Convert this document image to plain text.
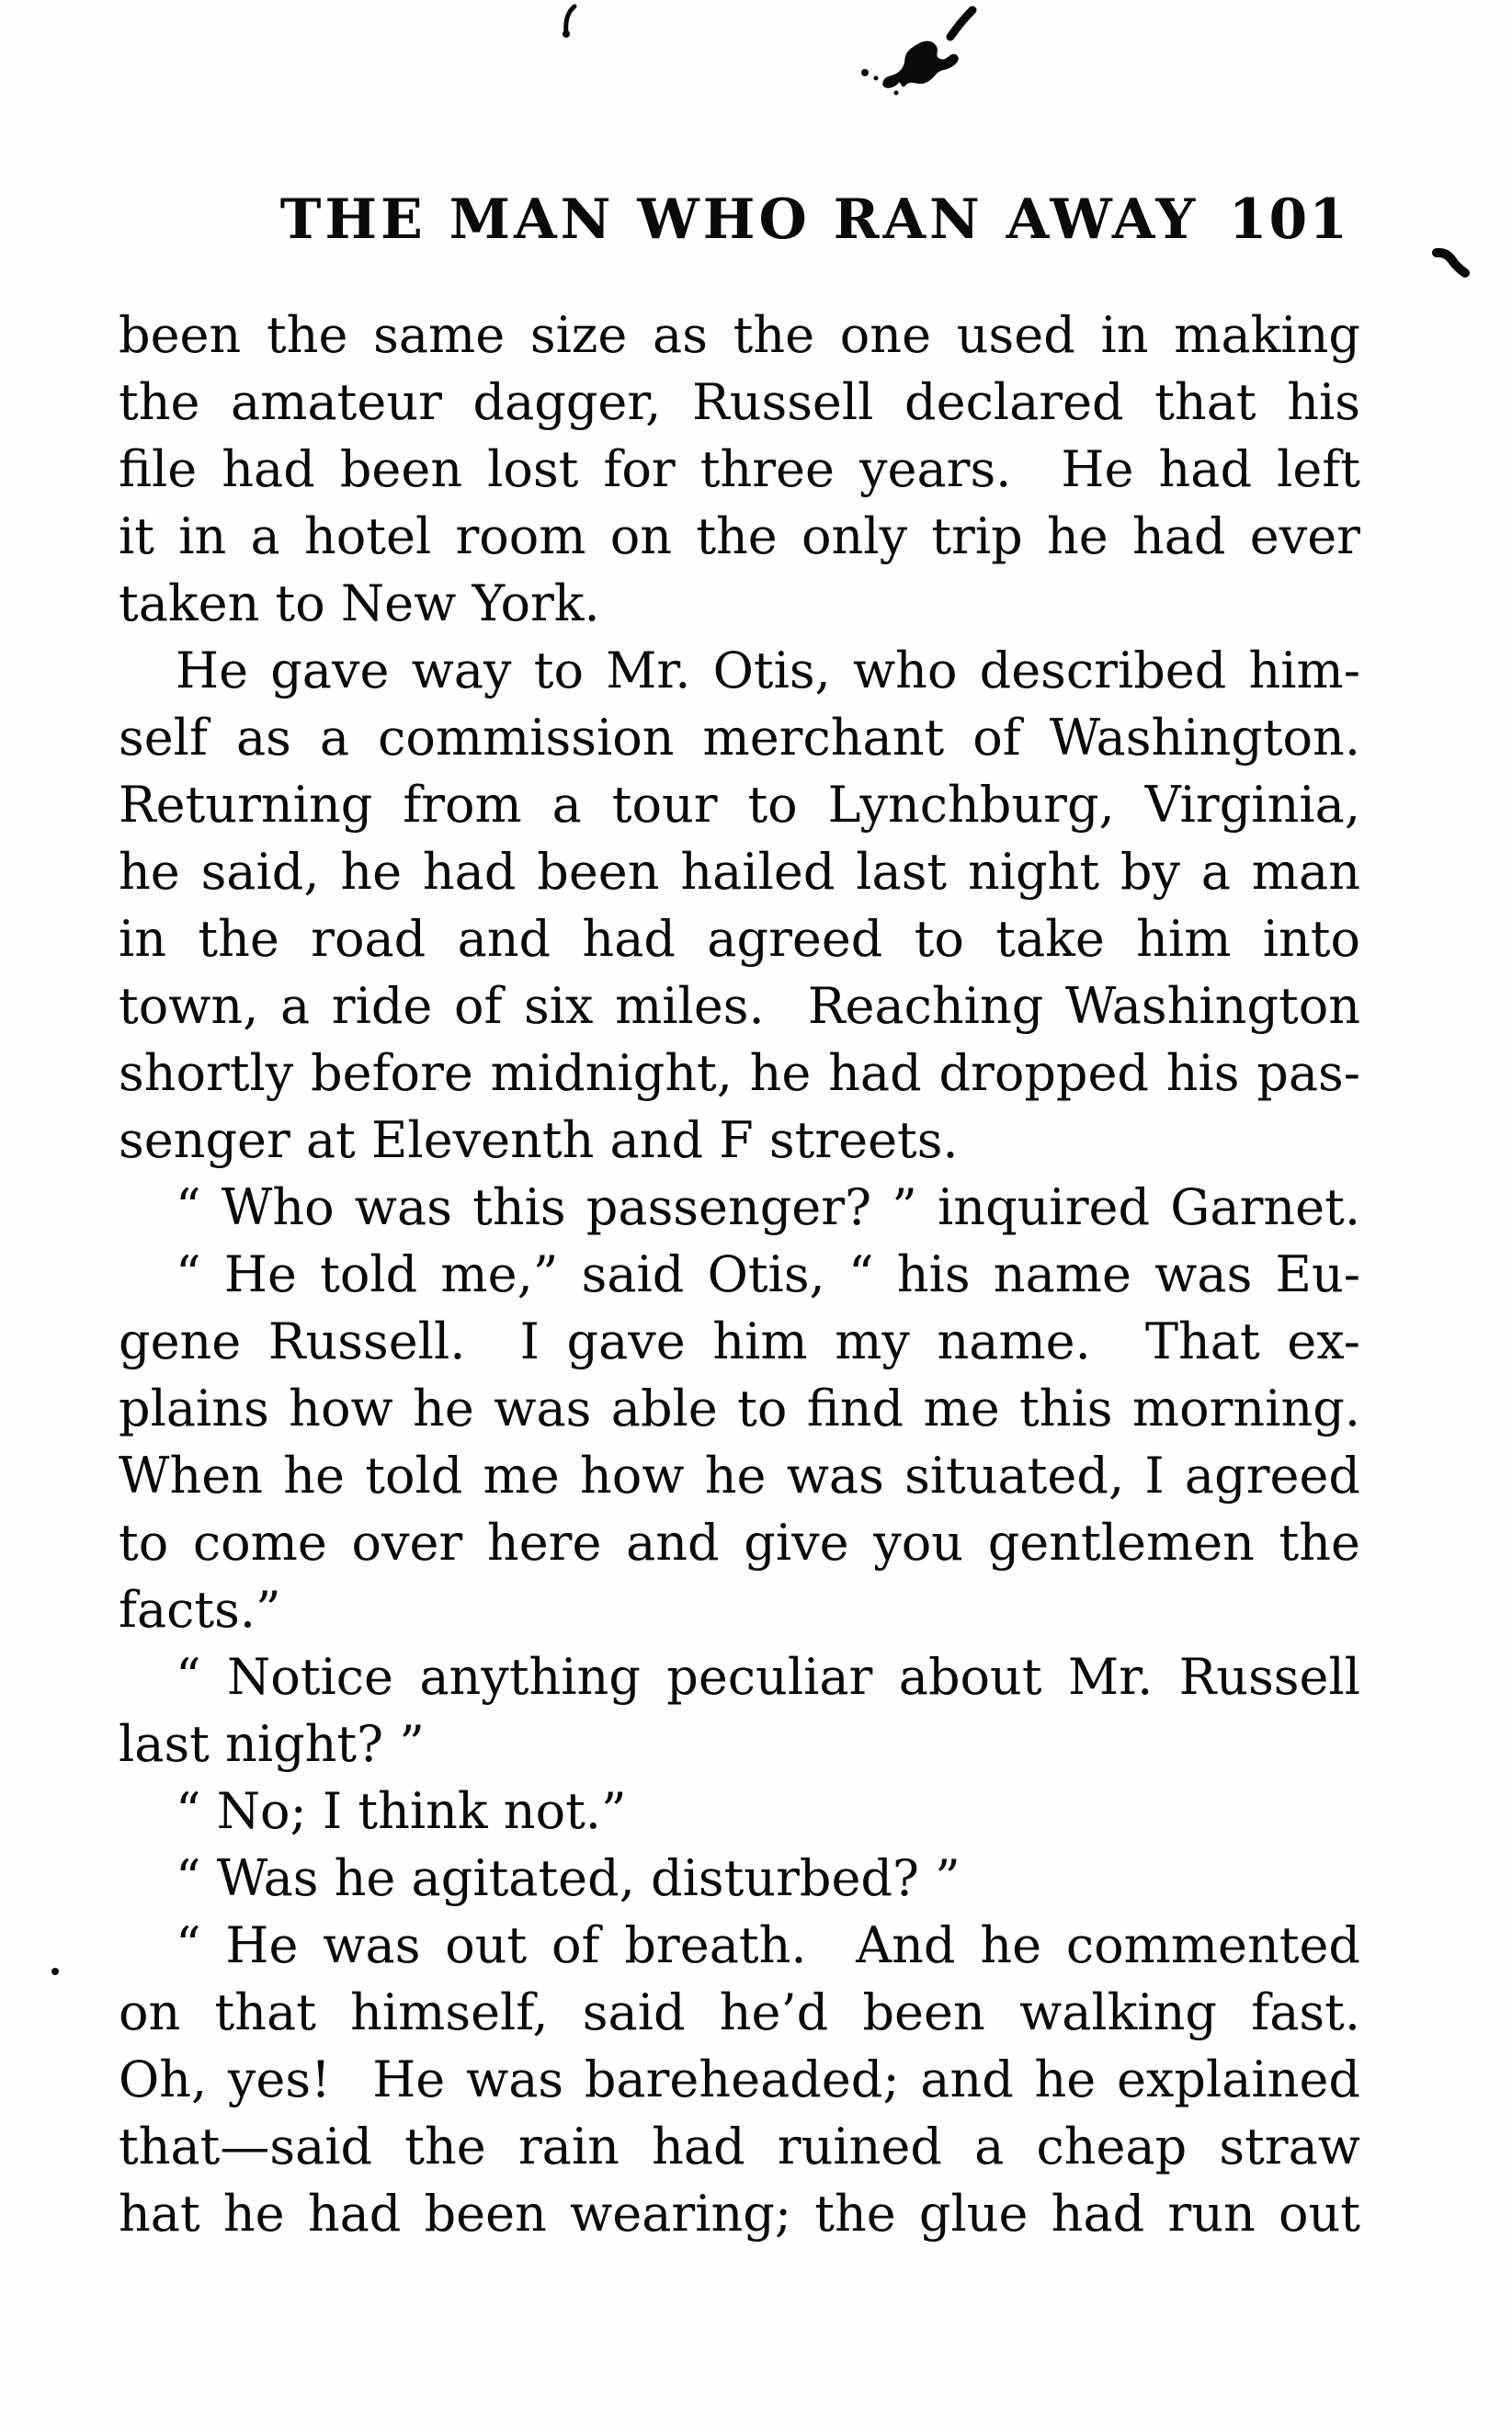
THE MAN WHO RAN AWAY 101
been the same size as the one used in making
the amateur dagger, Russell declared that his
file had been lost for three years.  He had left
it in a hotel room on the only trip he had ever
taken to New York.
He gave way to Mr. Otis, who described him-
self as a commission merchant of Washington.
Returning from a tour to Lynchburg, Virginia,
he said, he had been hailed last night by a man
in the road and had agreed to take him into
town, a ride of six miles.  Reaching Washington
shortly before midnight, he had dropped his pas-
senger at Eleventh and F streets.
“ Who was this passenger? ” inquired Garnet.
“ He told me,” said Otis, “ his name was Eu-
gene Russell.  I gave him my name.  That ex-
plains how he was able to find me this morning.
When he told me how he was situated, I agreed
to come over here and give you gentlemen the
facts.”
“ Notice anything peculiar about Mr. Russell
last night? ”
“ No; I think not.”
“ Was he agitated, disturbed? ”
“ He was out of breath.  And he commented
on that himself, said he’d been walking fast.
Oh, yes!  He was bareheaded; and he explained
that—said the rain had ruined a cheap straw
hat he had been wearing; the glue had run out
